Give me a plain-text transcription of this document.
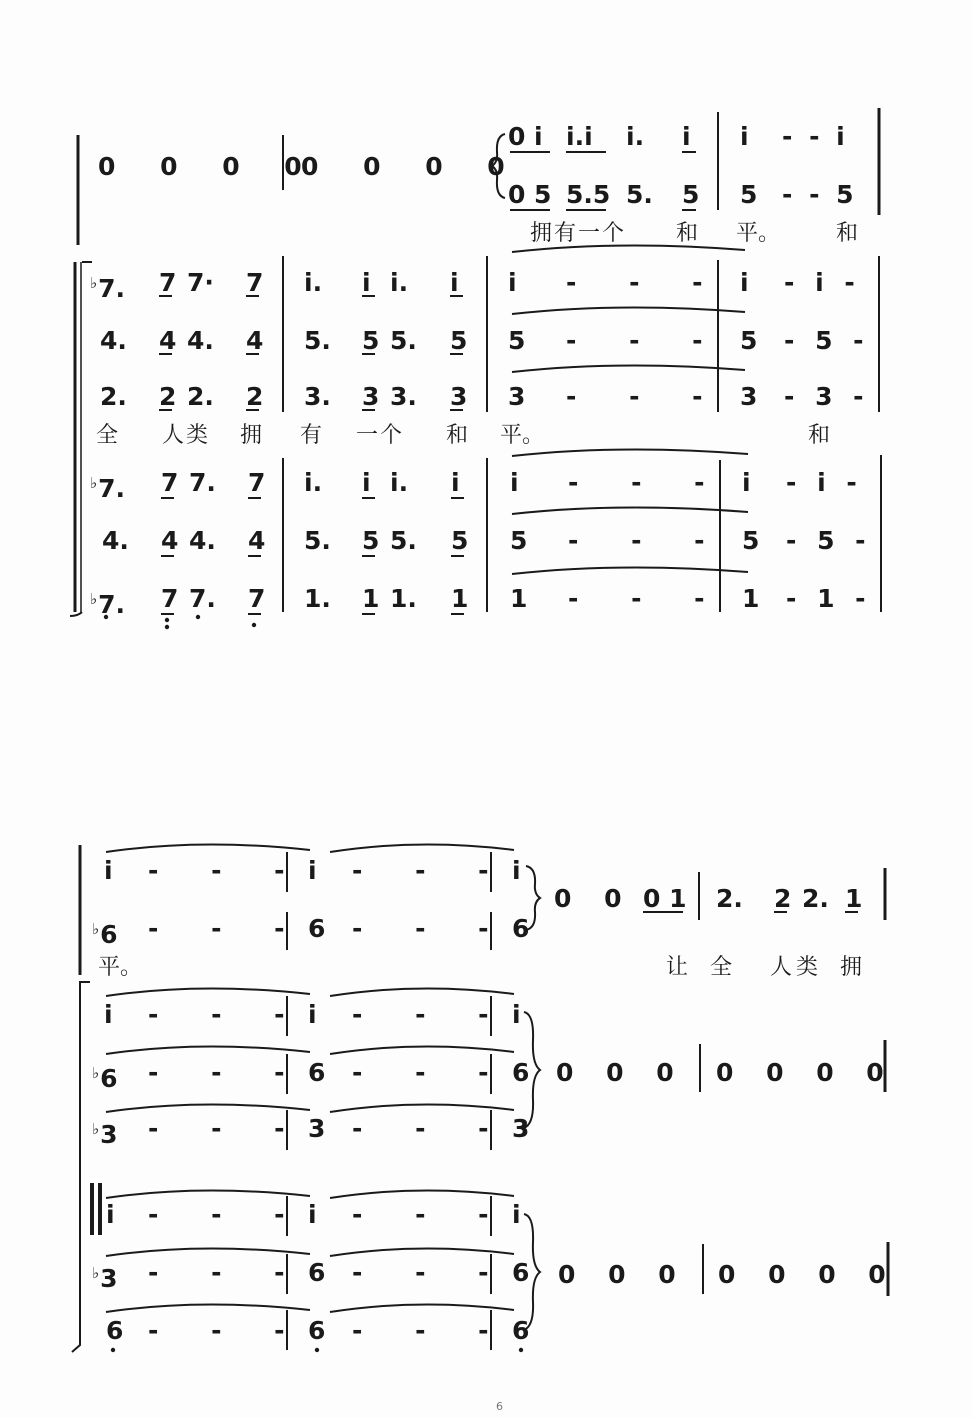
0 0 0 0
0 0 0 0
0 i i.i i. i
0 5 5.5 5. 5
i - - i
5 - - 5
拥有一个 和 平。	和
♭7. 7 7· 7 i. i i. i i - - - i - i -
4. 4 4. 4 5. 5 5. 5 5 - - - 5 - 5 -
2. 2 2. 2 3. 3 3. 3 3 - - - 3 - 3 -
全 人类 拥 有 一个 和 平。	和
♭7. 7 7. 7 i. i i. i i - - - i - i -
4. 4 4. 4 5. 5 5. 5 5 - - - 5 - 5 -
♭7. 7 7. 7 1. 1 1. 1 1 - - - 1 - 1 -
i - - - i - - - i
♭6 - - - 6 - - - 6
0 0 0 1 2. 2 2. 1
平。	让 全 人类 拥
i - - - i - - - i
♭6 - - - 6 - - - 6
♭3 - - - 3 - - - 3
0 0 0 0 0 0 0
i - - - i - - - i
♭3 - - - 6 - - - 6
6 - - - 6 - - - 6
0 0 0 0 0 0 0
6
